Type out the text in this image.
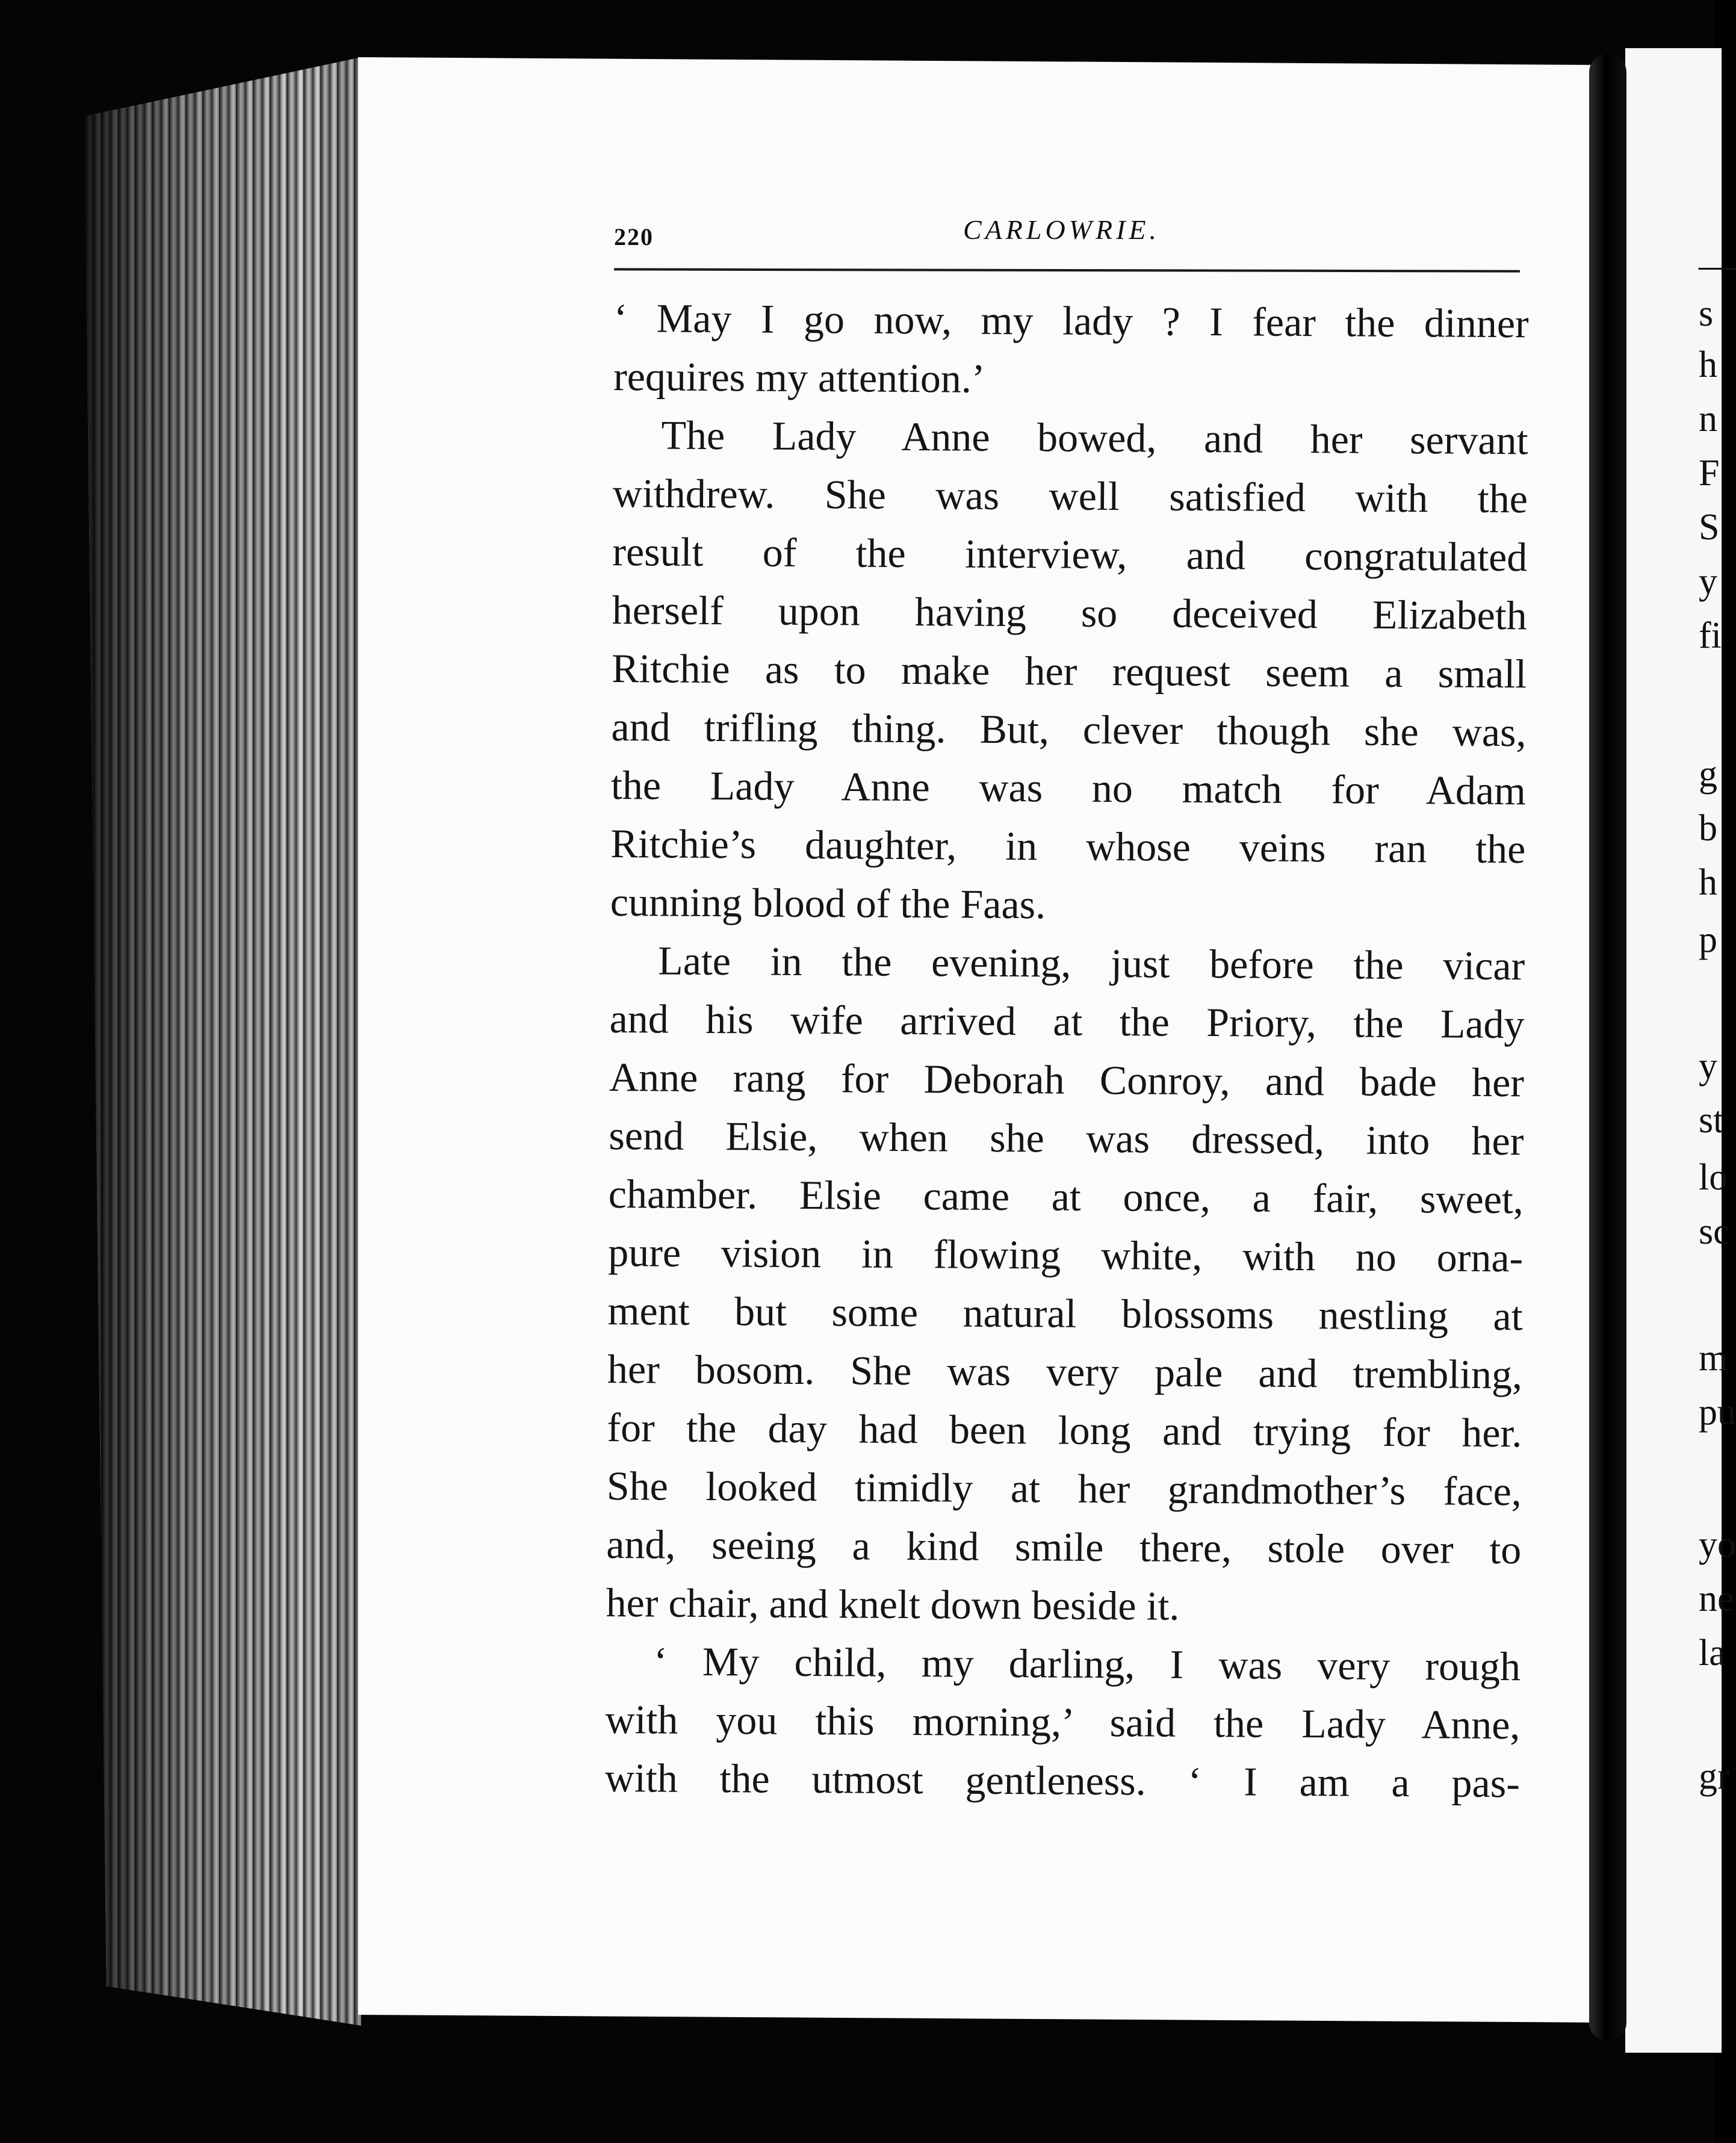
—
s
h
n
F
S
y
fi
g
b
h
p
y
st
lo
sc
m
pu
yo
ne
la
gr
220	CARLOWRIE.
‘ May I go now, my lady ? I fear the dinner
requires my attention.’
The Lady Anne bowed, and her servant
withdrew. She was well satisfied with the
result of the interview, and congratulated
herself upon having so deceived Elizabeth
Ritchie as to make her request seem a small
and trifling thing. But, clever though she was,
the Lady Anne was no match for Adam
Ritchie’s daughter, in whose veins ran the
cunning blood of the Faas.
Late in the evening, just before the vicar
and his wife arrived at the Priory, the Lady
Anne rang for Deborah Conroy, and bade her
send Elsie, when she was dressed, into her
chamber. Elsie came at once, a fair, sweet,
pure vision in flowing white, with no orna-
ment but some natural blossoms nestling at
her bosom. She was very pale and trembling,
for the day had been long and trying for her.
She looked timidly at her grandmother’s face,
and, seeing a kind smile there, stole over to
her chair, and knelt down beside it.
‘ My child, my darling, I was very rough
with you this morning,’ said the Lady Anne,
with the utmost gentleness. ‘ I am a pas-
